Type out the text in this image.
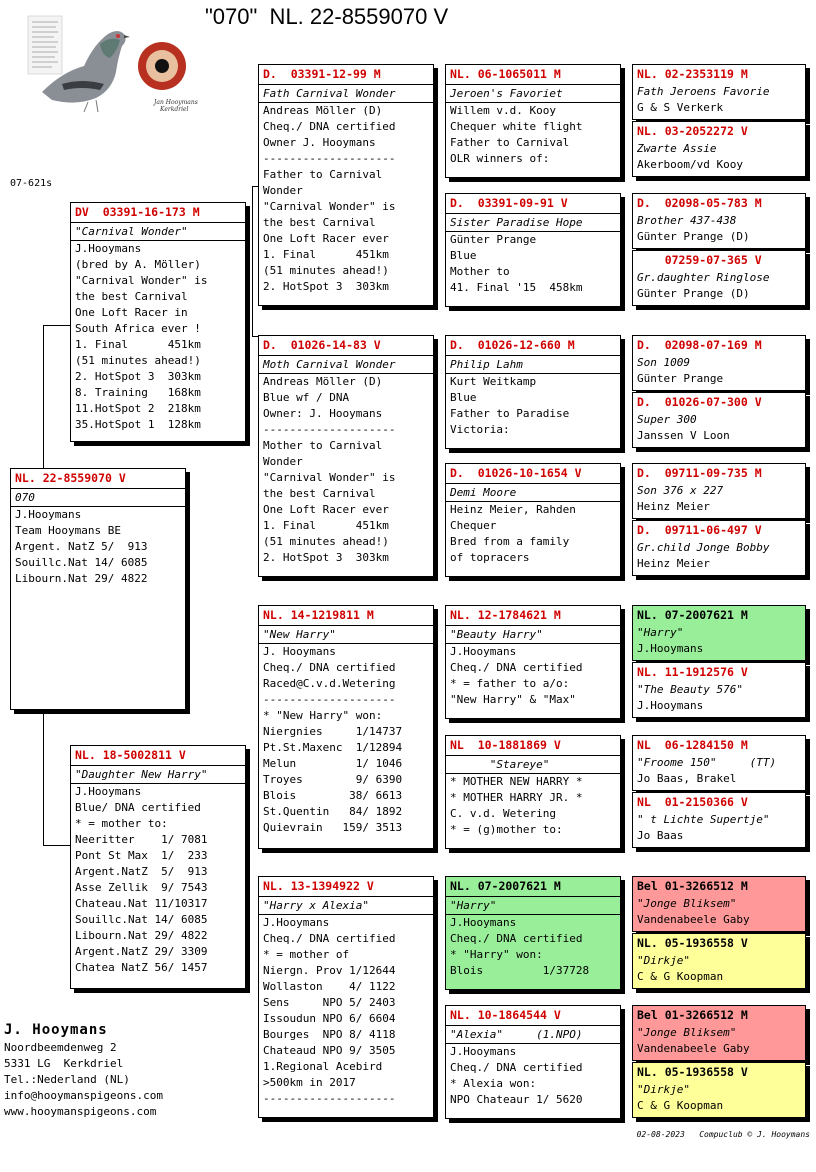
"070"  NL. 22-8559070 V
Jan Hooymans
Kerkdriel
07-621s
NL. 22-8559070 V
070
J.Hooymans
Team Hooymans BE
Argent. NatZ 5/  913
Souillc.Nat 14/ 6085
Libourn.Nat 29/ 4822
DV  03391-16-173 M
"Carnival Wonder"
J.Hooymans
(bred by A. Möller)
"Carnival Wonder" is
the best Carnival
One Loft Racer in
South Africa ever !
1. Final      451km
(51 minutes ahead!)
2. HotSpot 3  303km
8. Training   168km
11.HotSpot 2  218km
35.HotSpot 1  128km
NL. 18-5002811 V
"Daughter New Harry"
J.Hooymans
Blue/ DNA certified
* = mother to:
Neeritter    1/ 7081
Pont St Max  1/  233
Argent.NatZ  5/  913
Asse Zellik  9/ 7543
Chateau.Nat 11/10317
Souillc.Nat 14/ 6085
Libourn.Nat 29/ 4822
Argent.NatZ 29/ 3309
Chatea NatZ 56/ 1457
D.  03391-12-99 M
Fath Carnival Wonder
Andreas Möller (D)
Cheq./ DNA certified
Owner J. Hooymans
--------------------
Father to Carnival
Wonder
"Carnival Wonder" is
the best Carnival
One Loft Racer ever
1. Final      451km
(51 minutes ahead!)
2. HotSpot 3  303km
D.  01026-14-83 V
Moth Carnival Wonder
Andreas Möller (D)
Blue wf / DNA
Owner: J. Hooymans
--------------------
Mother to Carnival
Wonder
"Carnival Wonder" is
the best Carnival
One Loft Racer ever
1. Final      451km
(51 minutes ahead!)
2. HotSpot 3  303km
NL. 14-1219811 M
"New Harry"
J. Hooymans
Cheq./ DNA certified
Raced@C.v.d.Wetering
--------------------
* "New Harry" won:
Niergnies     1/14737
Pt.St.Maxenc  1/12894
Melun         1/ 1046
Troyes        9/ 6390
Blois        38/ 6613
St.Quentin   84/ 1892
Quievrain   159/ 3513
NL. 13-1394922 V
"Harry x Alexia"
J.Hooymans
Cheq./ DNA certified
* = mother of
Niergn. Prov 1/12644
Wollaston    4/ 1122
Sens     NPO 5/ 2403
Issoudun NPO 6/ 6604
Bourges  NPO 8/ 4118
Chateaud NPO 9/ 3505
1.Regional Acebird
>500km in 2017
--------------------
NL. 06-1065011 M
Jeroen's Favoriet
Willem v.d. Kooy
Chequer white flight
Father to Carnival
OLR winners of:
D.  03391-09-91 V
Sister Paradise Hope
Günter Prange
Blue
Mother to
41. Final '15  458km
D.  01026-12-660 M
Philip Lahm
Kurt Weitkamp
Blue
Father to Paradise
Victoria:
D.  01026-10-1654 V
Demi Moore
Heinz Meier, Rahden
Chequer
Bred from a family
of topracers
NL. 12-1784621 M
"Beauty Harry"
J.Hooymans
Cheq./ DNA certified
* = father to a/o:
"New Harry" & "Max"
NL  10-1881869 V
"Stareye"
* MOTHER NEW HARRY *
* MOTHER HARRY JR. *
C. v.d. Wetering
* = (g)mother to:
NL. 07-2007621 M
"Harry"
J.Hooymans
Cheq./ DNA certified
* "Harry" won:
Blois         1/37728
NL. 10-1864544 V
"Alexia"     (1.NPO)
J.Hooymans
Cheq./ DNA certified
* Alexia won:
NPO Chateaur 1/ 5620
NL. 02-2353119 M
Fath Jeroens Favorie
G & S Verkerk
NL. 03-2052272 V
Zwarte Assie
Akerboom/vd Kooy
D.  02098-05-783 M
Brother 437-438
Günter Prange (D)
07259-07-365 V
Gr.daughter Ringlose
Günter Prange (D)
D.  02098-07-169 M
Son 1009
Günter Prange
D.  01026-07-300 V
Super 300
Janssen V Loon
D.  09711-09-735 M
Son 376 x 227
Heinz Meier
D.  09711-06-497 V
Gr.child Jonge Bobby
Heinz Meier
NL. 07-2007621 M
"Harry"
J.Hooymans
NL. 11-1912576 V
"The Beauty 576"
J.Hooymans
NL  06-1284150 M
"Froome 150"     (TT)
Jo Baas, Brakel
NL  01-2150366 V
" t Lichte Supertje"
Jo Baas
Bel 01-3266512 M
"Jonge Bliksem"
Vandenabeele Gaby
NL. 05-1936558 V
"Dirkje"
C & G Koopman
Bel 01-3266512 M
"Jonge Bliksem"
Vandenabeele Gaby
NL. 05-1936558 V
"Dirkje"
C & G Koopman
J. Hooymans
Noordbeemdenweg 2
5331 LG  Kerkdriel
Tel.:Nederland (NL)
info@hooymanspigeons.com
www.hooymanspigeons.com
02-08-2023   Compuclub © J. Hooymans
